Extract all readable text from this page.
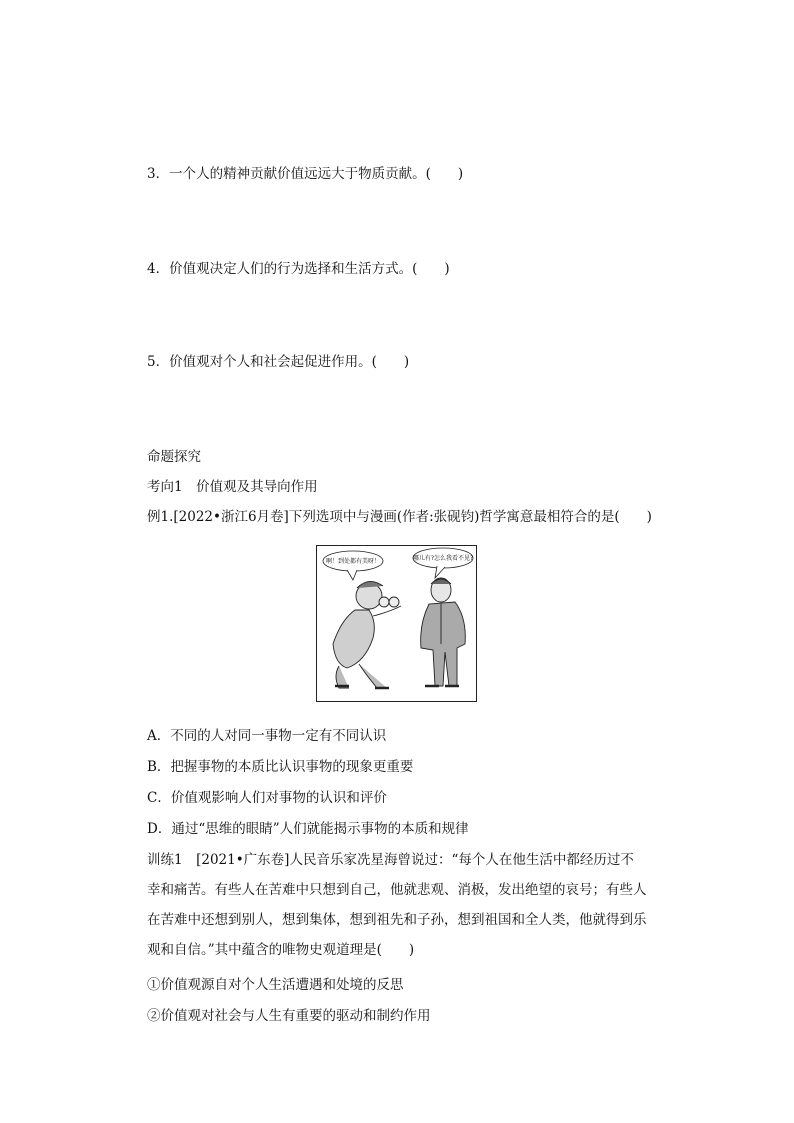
3．一个人的精神贡献价值远远大于物质贡献。(　　)
4．价值观决定人们的行为选择和生活方式。(　　)
5．价值观对个人和社会起促进作用。(　　)
命题探究
考向1　价值观及其导向作用
例1.[2022•浙江6月卷]下列选项中与漫画(作者:张砚钧)哲学寓意最相符合的是(　　)
啊！到处都有美呀！	哪儿有?怎么我看不见?
A．不同的人对同一事物一定有不同认识
B．把握事物的本质比认识事物的现象更重要
C．价值观影响人们对事物的认识和评价
D．通过“思维的眼睛”人们就能揭示事物的本质和规律
训练1　[2021•广东卷]人民音乐家冼星海曾说过：“每个人在他生活中都经历过不幸和痛苦。有些人在苦难中只想到自己，他就悲观、消极，发出绝望的哀号；有些人在苦难中还想到别人，想到集体，想到祖先和子孙，想到祖国和全人类，他就得到乐观和自信。”其中蕴含的唯物史观道理是(　　)
①价值观源自对个人生活遭遇和处境的反思
②价值观对社会与人生有重要的驱动和制约作用
